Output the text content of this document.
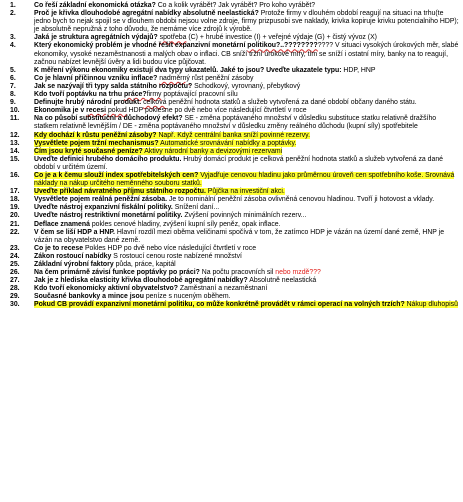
1.	Co řeší základní ekonomická otázka? Co a kolik vyrábět? Jak vyrábět? Pro koho vyrábět?
2.	Proč je křivka dlouhodobé agregátní nabídky absolutně neelastická? Protože firmy v dlouhém období reagují na situaci na trhu(te jedno bych to nejak spojil se v dlouhem obdobi nejsou volne zdroje, firmy prizpusobi sve naklady, krivka kopiruje krivku potencialniho HDP); je absolutně nepružná z toho důvodu, že nemáme více zdrojů k výrobě.
3.	Jaká je struktura agregátních výdajů? spotřeba (C) + hrubé investice (I) + veřejné výdaje (G) + čistý vývoz (X)
4.	Který ekonomický problém je vhodné řešit expanzivní monetární politikou?..???????????? V situaci vysokých úrokových měr, slabé ekonomiky, vysoké nezaměstnanosti a malých obav o inflaci. CB sníží tržní úrokové míry, tím se sníží i ostatní míry, banky na to reagují, začnou nabízet levnější úvěry a lidi budou více půjčovat.
5.	K měření výkonu ekonomiky existují dva typy ukazatelů. Jaké to jsou? Uveďte ukazatele typu: HDP, HNP
6.	Co je hlavní příčinnou vzniku inflace? nadměrný růst peněžní zásoby
7.	Jak se nazývají tři typy salda státního rozpočtu? Schodkový, vyrovnaný, přebytkový
8.	Kdo tvoří poptávku na trhu práce?firmy poptávající pracovní sílu
9.	Definujte hrubý národní produkt. celková peněžní hodnota statků a služeb vytvořená za dané období občany daného státu.
10. Ekonomika je v recesi pokud HDP poklesne po dvě nebo více následující čtvrtletí v roce
11. Na co působí substituční a důchodový efekt? SE - změna poptávaného množství v důsledku substituce statku relativně dražšího statkem relativně levnějším / DE - změna poptávaného množství v důsledku změny reálného důchodu (kupní síly) spotřebitele
12. Kdy dochází k růstu peněžní zásoby? Např. Když centrální banka sníží povinné rezervy.
13. Vysvětlete pojem tržní mechanismus? Automatické srovnávání nabídky a poptávky.
14. Čím jsou kryté současné peníze? Aktivy národní banky a devizovými rezervami
15. Uveďte definici hrubého domácího produktu. Hrubý domácí produkt je celková peněžní hodnota statků a služeb vytvořená za dané období v určitém území.
16. Co je a k čemu slouží index spotřebitelských cen? Vyjadřuje cenovou hladinu jako průměrnou úroveň cen spotřebního koše. Srovnává náklady na nákup určitého neměnného souboru statků.
17. Uveďte příklad návratného příjmu státního rozpočtu. Půjčka na investiční akci.
18. Vysvětlete pojem reálná peněžní zásoba. Je to nominální peněžní zásoba ovlivněná cenovou hladinou. Tvoří ji hotovost a vklady.
19. Uveďte nástroj expanzivní fiskální politiky. Snížení daní...
20. Uveďte nástroj restriktivní monetární politiky. Zvýšení povinných minimálních rezerv...
21. Deflace znamená pokles cenové hladiny, zvýšení kupní síly peněz, opak inflace.
22. V čem se liší HDP a HNP. Hlavní rozdíl mezi oběma veličinami spočívá v tom, že zatímco HDP je vázán na území dané země, HNP je vázán na obyvatelstvo dané země.
23. Co je to recese Pokles HDP po dvě nebo více následující čtvrtletí v roce
24. Zákon rostoucí nabídky S rostoucí cenou roste nabízené množství
25. Základní výrobní faktory půda, práce, kapitál
26. Na čem primárně závisí funkce poptávky po práci? Na počtu pracovních sil nebo mzdě???
27. Jak je z hlediska elasticity křivka dlouhodobé agregátní nabídky? Absolutně neelastická
28. Kdo tvoří ekonomicky aktivní obyvatelstvo? Zaměstnaní a nezaměstnaní
29. Současné bankovky a mince jsou peníze s nuceným oběhem.
30. Pokud CB provádí expanzivní monetární politiku, co může konkrétně provádět v rámci operací na volných trzích? Nákup dluhopisů
